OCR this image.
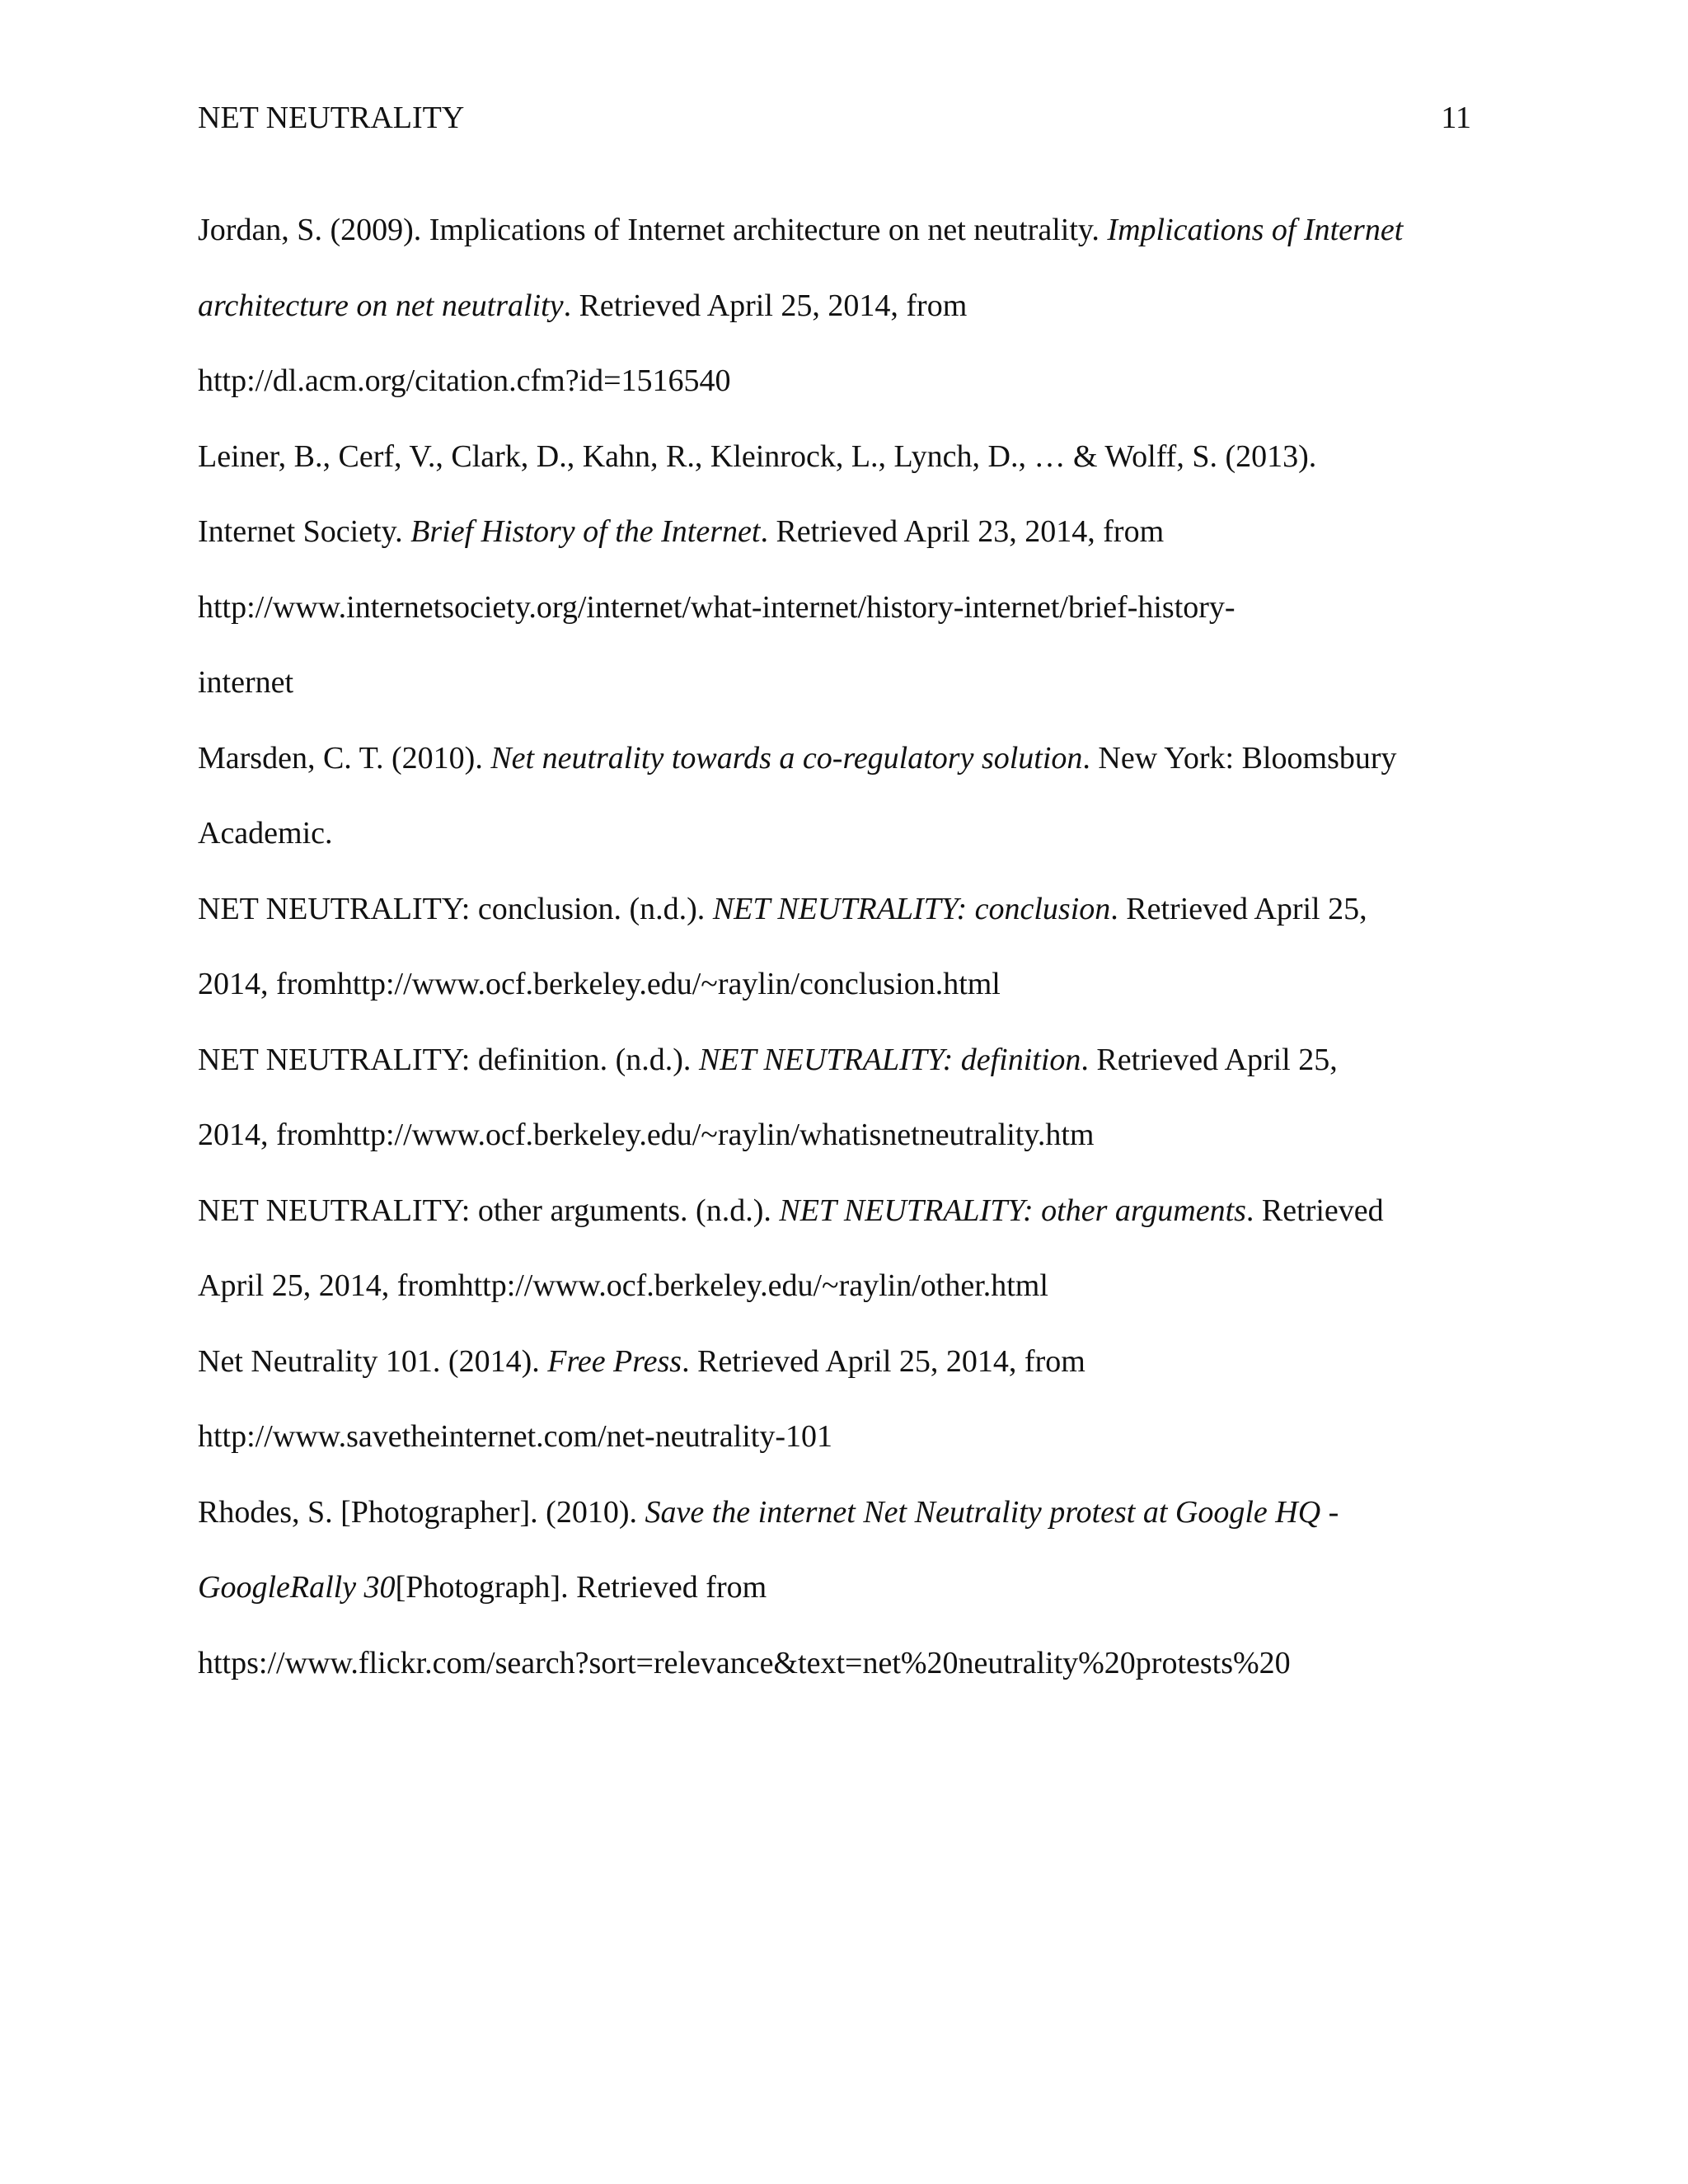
NET NEUTRALITY	11
Jordan, S. (2009). Implications of Internet architecture on net neutrality. Implications of Internet
architecture on net neutrality. Retrieved April 25, 2014, from
http://dl.acm.org/citation.cfm?id=1516540
Leiner, B., Cerf, V., Clark, D., Kahn, R., Kleinrock, L., Lynch, D., … & Wolff, S. (2013).
Internet Society. Brief History of the Internet. Retrieved April 23, 2014, from
http://www.internetsociety.org/internet/what-internet/history-internet/brief-history-
internet
Marsden, C. T. (2010). Net neutrality towards a co-regulatory solution. New York: Bloomsbury
Academic.
NET NEUTRALITY: conclusion. (n.d.). NET NEUTRALITY: conclusion. Retrieved April 25,
2014, fromhttp://www.ocf.berkeley.edu/~raylin/conclusion.html
NET NEUTRALITY: definition. (n.d.). NET NEUTRALITY: definition. Retrieved April 25,
2014, fromhttp://www.ocf.berkeley.edu/~raylin/whatisnetneutrality.htm
NET NEUTRALITY: other arguments. (n.d.). NET NEUTRALITY: other arguments. Retrieved
April 25, 2014, fromhttp://www.ocf.berkeley.edu/~raylin/other.html
Net Neutrality 101. (2014). Free Press. Retrieved April 25, 2014, from
http://www.savetheinternet.com/net-neutrality-101
Rhodes, S. [Photographer]. (2010). Save the internet Net Neutrality protest at Google HQ -
GoogleRally 30[Photograph]. Retrieved from
https://www.flickr.com/search?sort=relevance&text=net%20neutrality%20protests%20
